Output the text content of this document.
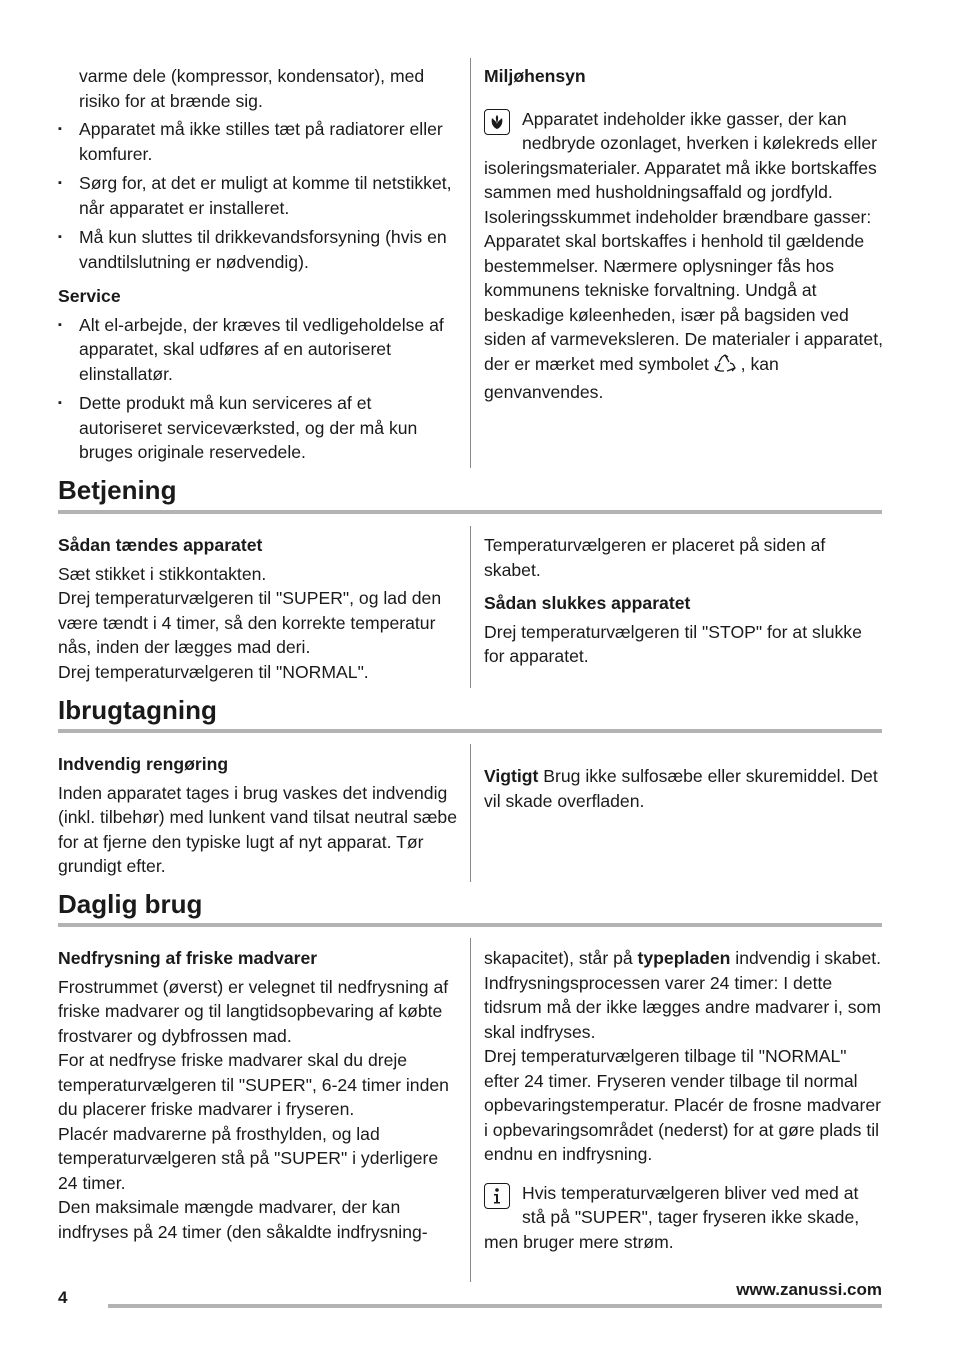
varme dele (kompressor, kondensator), med risiko for at brænde sig.
▪ Apparatet må ikke stilles tæt på radiatorer eller komfurer.
▪ Sørg for, at det er muligt at komme til netstikket, når apparatet er installeret.
▪ Må kun sluttes til drikkevandsforsyning (hvis en vandtilslutning er nødvendig).
Service
▪ Alt el-arbejde, der kræves til vedligeholdelse af apparatet, skal udføres af en autoriseret elinstallatør.
▪ Dette produkt må kun serviceres af et autoriseret serviceværksted, og der må kun bruges originale reservedele.
Miljøhensyn
Apparatet indeholder ikke gasser, der kan nedbryde ozonlaget, hverken i kølekreds eller isoleringsmaterialer. Apparatet må ikke bortskaffes sammen med husholdningsaffald og jordfyld. Isoleringsskummet indeholder brændbare gasser: Apparatet skal bortskaffes i henhold til gældende bestemmelser. Nærmere oplysninger fås hos kommunens tekniske forvaltning. Undgå at beskadige køleenheden, især på bagsiden ved siden af varmeveksleren. De materialer i apparatet, der er mærket med symbolet , kan genvanvendes.
Betjening
Sådan tændes apparatet
Sæt stikket i stikkontakten.
Drej temperaturvælgeren til "SUPER", og lad den være tændt i 4 timer, så den korrekte temperatur nås, inden der lægges mad deri.
Drej temperaturvælgeren til "NORMAL".
Temperaturvælgeren er placeret på siden af skabet.
Sådan slukkes apparatet
Drej temperaturvælgeren til "STOP" for at slukke for apparatet.
Ibrugtagning
Indvendig rengøring
Inden apparatet tages i brug vaskes det indvendig (inkl. tilbehør) med lunkent vand tilsat neutral sæbe for at fjerne den typiske lugt af nyt apparat. Tør grundigt efter.
Vigtigt Brug ikke sulfosæbe eller skuremiddel. Det vil skade overfladen.
Daglig brug
Nedfrysning af friske madvarer
Frostrummet (øverst) er velegnet til nedfrysning af friske madvarer og til langtidsopbevaring af købte frostvarer og dybfrossen mad.
For at nedfryse friske madvarer skal du dreje temperaturvælgeren til "SUPER", 6-24 timer inden du placerer friske madvarer i fryseren.
Placér madvarerne på frosthylden, og lad temperaturvælgeren stå på "SUPER" i yderligere 24 timer.
Den maksimale mængde madvarer, der kan indfryses på 24 timer (den såkaldte indfrysning-
skapacitet), står på typepladen indvendig i skabet.
Indfrysningsprocessen varer 24 timer: I dette tidsrum må der ikke lægges andre madvarer i, som skal indfryses.
Drej temperaturvælgeren tilbage til "NORMAL" efter 24 timer. Fryseren vender tilbage til normal opbevaringstemperatur. Placér de frosne madvarer i opbevaringsområdet (nederst) for at gøre plads til endnu en indfrysning.
Hvis temperaturvælgeren bliver ved med at stå på "SUPER", tager fryseren ikke skade, men bruger mere strøm.
4	www.zanussi.com
